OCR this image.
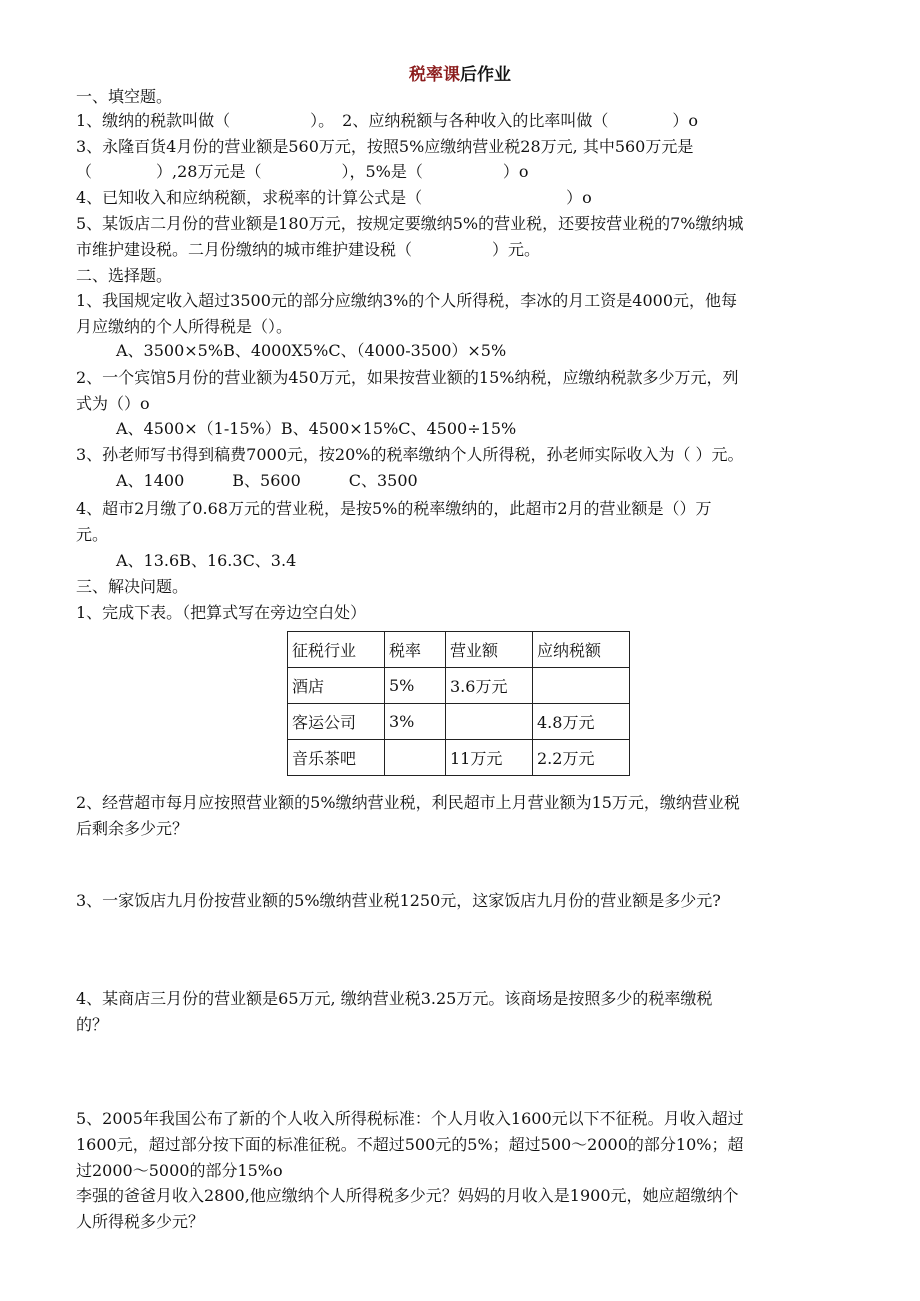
税率课后作业
一、填空题。
1、缴纳的税款叫做（　　　　　）。　2、应纳税额与各种收入的比率叫做（　　　　）o
3、永隆百货4月份的营业额是560万元，按照5%应缴纳营业税28万元, 其中560万元是
（　　　　）,28万元是（　　　　　），5%是（　　　　　）o
4、已知收入和应纳税额，求税率的计算公式是（　　　　　　　　　）o
5、某饭店二月份的营业额是180万元，按规定要缴纳5%的营业税，还要按营业税的7%缴纳城
市维护建设税。二月份缴纳的城市维护建设税（　　　　　）元。
二、选择题。
1、我国规定收入超过3500元的部分应缴纳3%的个人所得税，李冰的月工资是4000元，他每
月应缴纳的个人所得税是（）。
A、3500×5%B、4000X5%C、（4000-3500）×5%
2、一个宾馆5月份的营业额为450万元，如果按营业额的15%纳税，应缴纳税款多少万元，列
式为（）o
A、4500×（1-15%）B、4500×15%C、4500÷15%
3、孙老师写书得到稿费7000元，按20%的税率缴纳个人所得税，孙老师实际收入为（ ）元。
A、1400　　　B、5600　　　C、3500
4、超市2月缴了0.68万元的营业税，是按5%的税率缴纳的，此超市2月的营业额是（）万
元。
A、13.6B、16.3C、3.4
三、解决问题。
1、完成下表。（把算式写在旁边空白处）
征税行业	税率	营业额	应纳税额
酒店	5%	3.6万元	
客运公司	3%		4.8万元
音乐茶吧		11万元	2.2万元
2、经营超市每月应按照营业额的5%缴纳营业税，利民超市上月营业额为15万元，缴纳营业税
后剩余多少元？
3、一家饭店九月份按营业额的5%缴纳营业税1250元，这家饭店九月份的营业额是多少元?
4、某商店三月份的营业额是65万元, 缴纳营业税3.25万元。该商场是按照多少的税率缴税
的？
5、2005年我国公布了新的个人收入所得税标准：个人月收入1600元以下不征税。月收入超过
1600元，超过部分按下面的标准征税。不超过500元的5%；超过500～2000的部分10%；超
过2000～5000的部分15%o
李强的爸爸月收入2800,他应缴纳个人所得税多少元？妈妈的月收入是1900元，她应超缴纳个
人所得税多少元？
